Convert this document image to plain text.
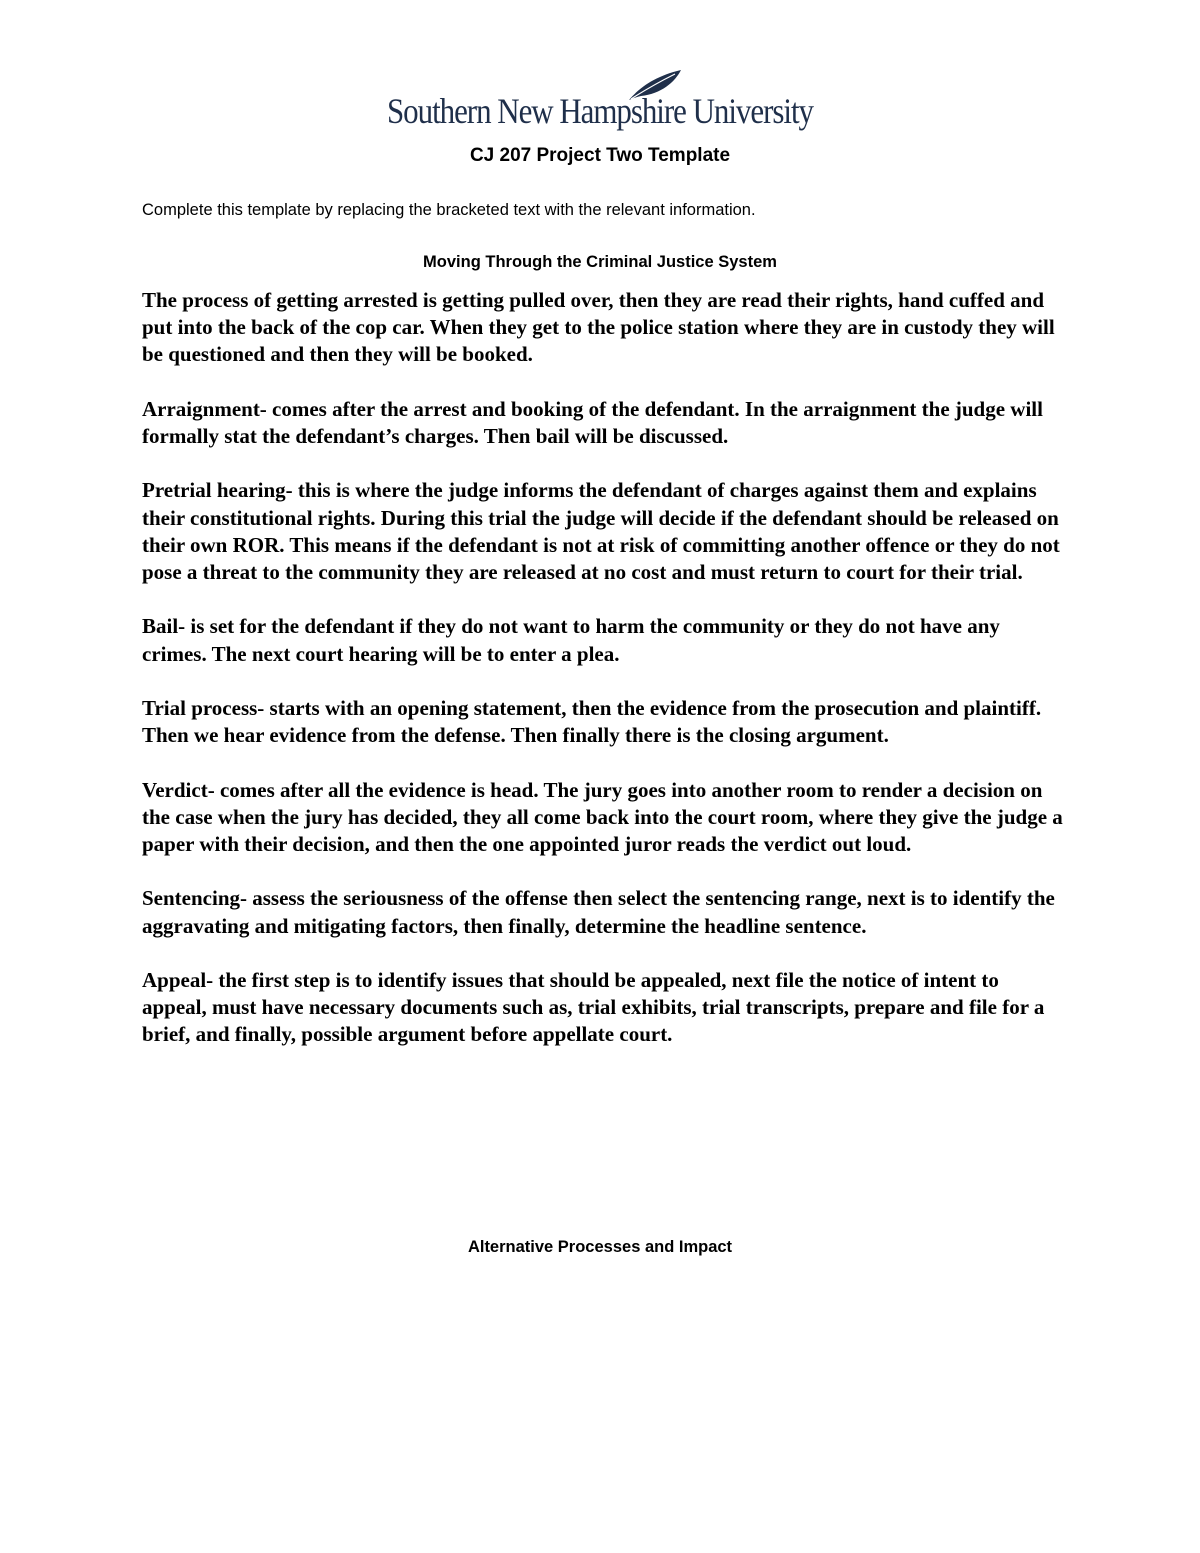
Southern New Hampshire University
CJ 207 Project Two Template
Complete this template by replacing the bracketed text with the relevant information.
Moving Through the Criminal Justice System

The process of getting arrested is getting pulled over, then they are read their rights, hand cuffed and put into the back of the cop car. When they get to the police station where they are in custody they will be questioned and then they will be booked.

Arraignment- comes after the arrest and booking of the defendant. In the arraignment the judge will formally stat the defendant’s charges. Then bail will be discussed.

Pretrial hearing- this is where the judge informs the defendant of charges against them and explains their constitutional rights. During this trial the judge will decide if the defendant should be released on their own ROR. This means if the defendant is not at risk of committing another offence or they do not pose a threat to the community they are released at no cost and must return to court for their trial.

Bail- is set for the defendant if they do not want to harm the community or they do not have any crimes. The next court hearing will be to enter a plea.

Trial process- starts with an opening statement, then the evidence from the prosecution and plaintiff. Then we hear evidence from the defense. Then finally there is the closing argument.

Verdict- comes after all the evidence is head. The jury goes into another room to render a decision on the case when the jury has decided, they all come back into the court room, where they give the judge a paper with their decision, and then the one appointed juror reads the verdict out loud.

Sentencing- assess the seriousness of the offense then select the sentencing range, next is to identify the aggravating and mitigating factors, then finally, determine the headline sentence.

Appeal- the first step is to identify issues that should be appealed, next file the notice of intent to appeal, must have necessary documents such as, trial exhibits, trial transcripts, prepare and file for a brief, and finally, possible argument before appellate court.

Alternative Processes and Impact
